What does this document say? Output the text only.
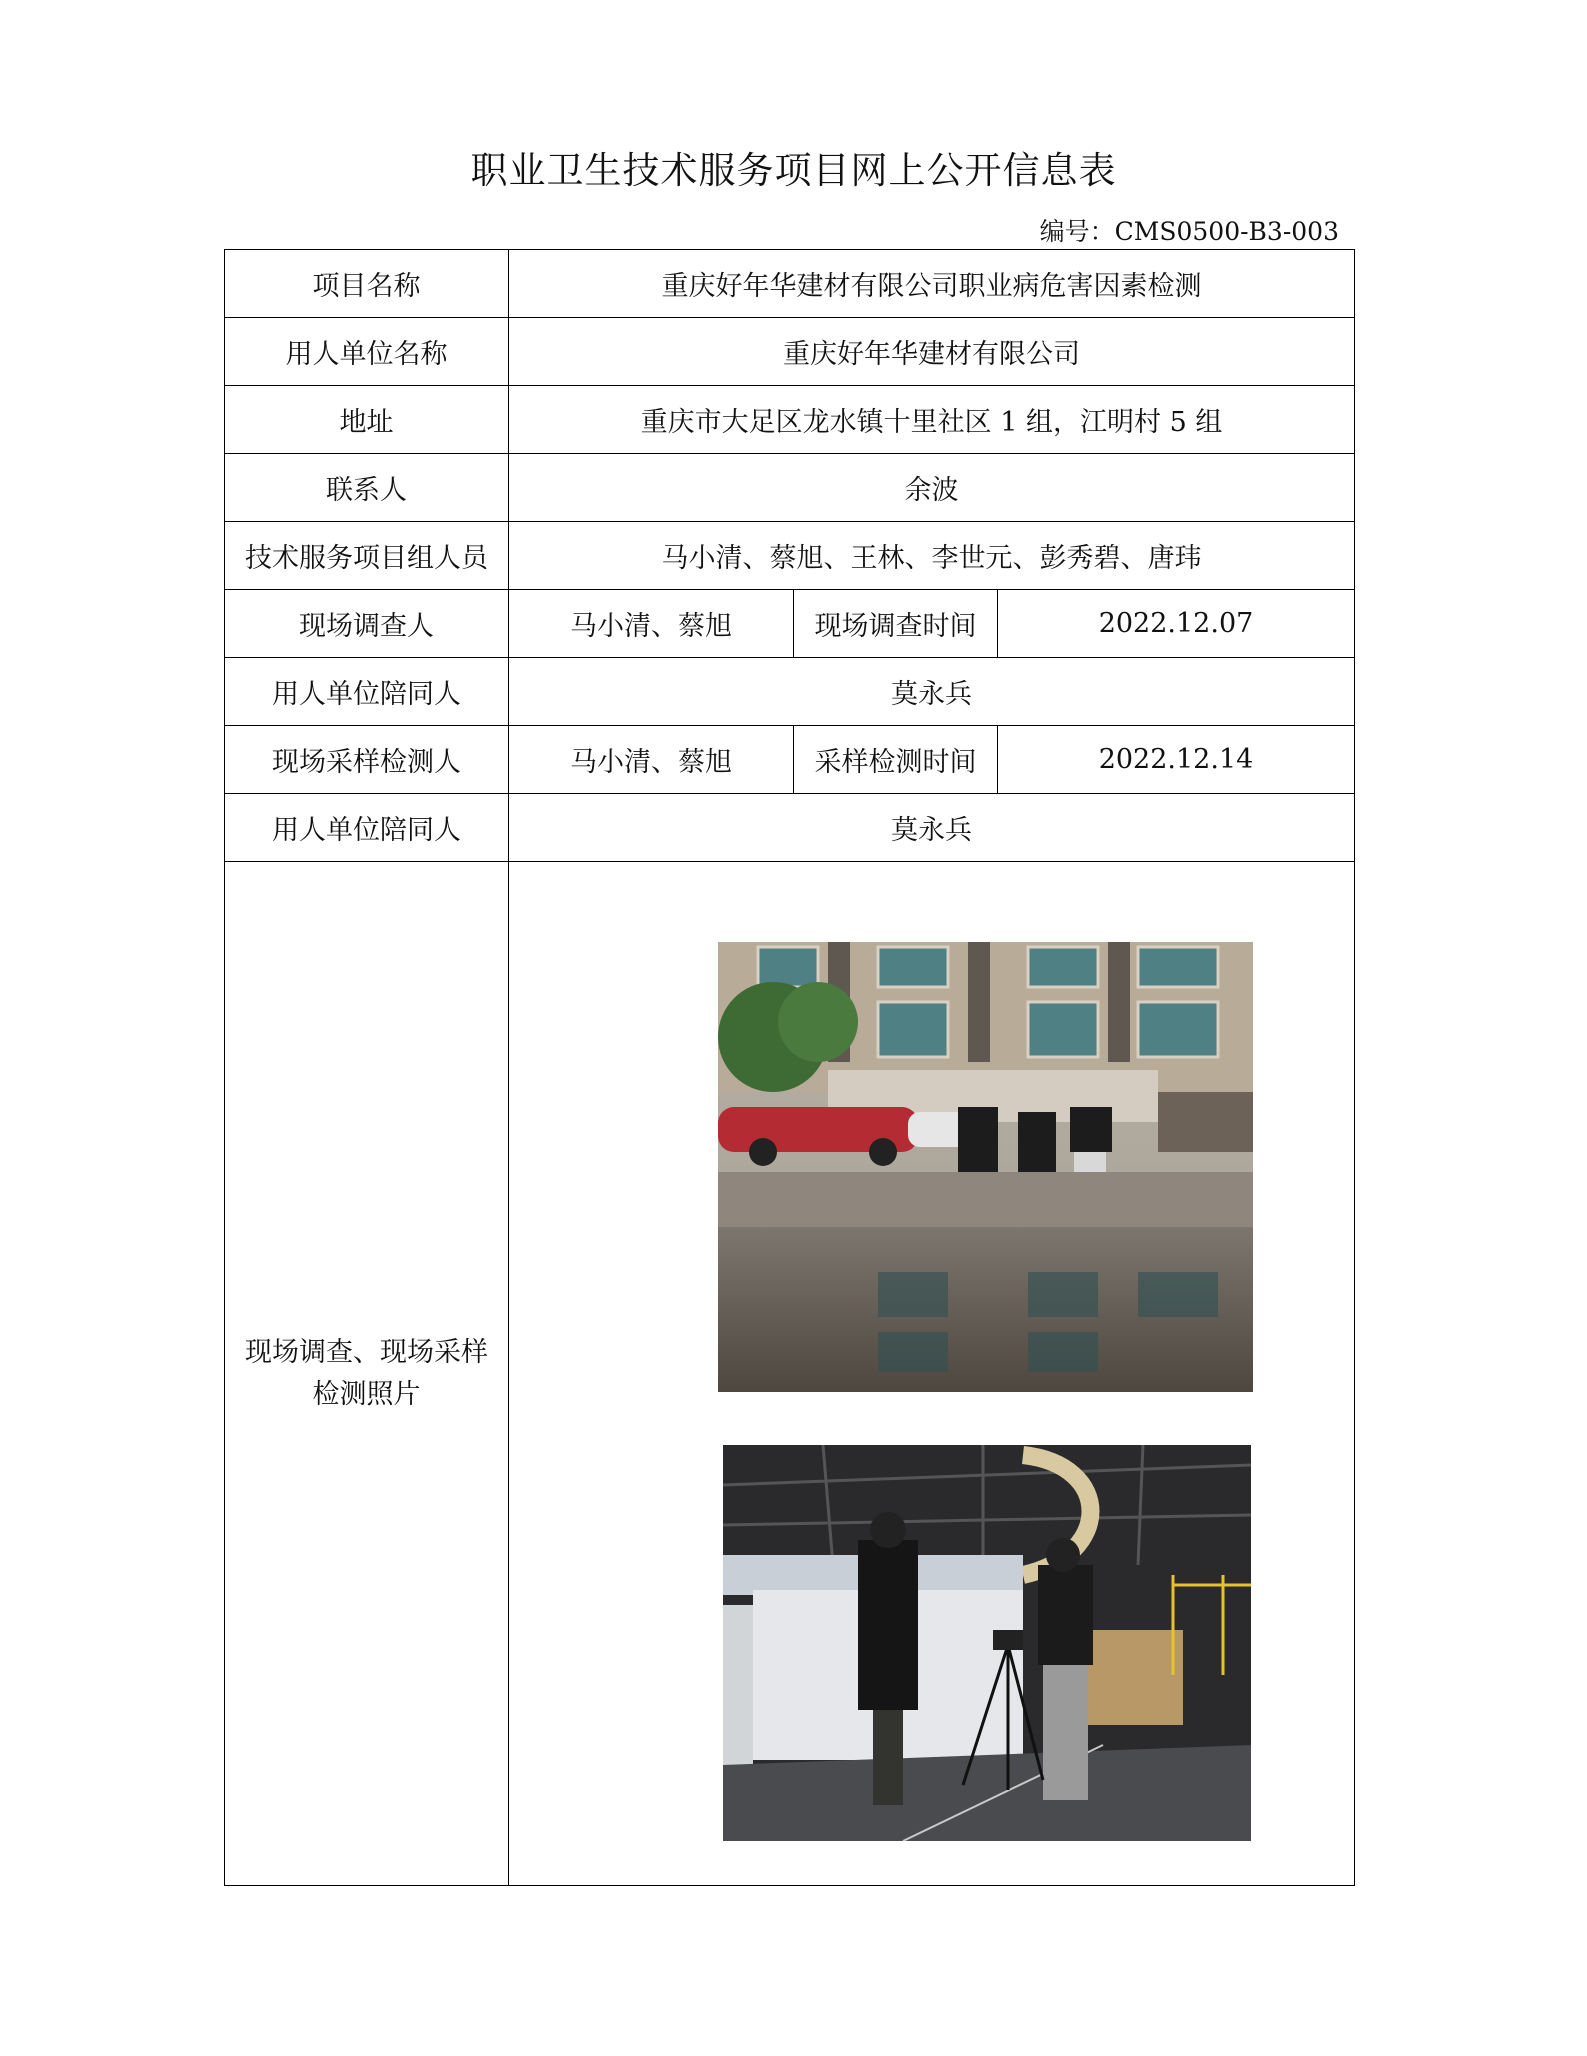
职业卫生技术服务项目网上公开信息表
编号：CMS0500-B3-003
项目名称	重庆好年华建材有限公司职业病危害因素检测		
用人单位名称	重庆好年华建材有限公司		
地址	重庆市大足区龙水镇十里社区 1 组，江明村 5 组		
联系人	余波		
技术服务项目组人员	马小清、蔡旭、王林、李世元、彭秀碧、唐玮		
现场调查人	马小清、蔡旭	现场调查时间	2022.12.07
用人单位陪同人	莫永兵		
现场采样检测人	马小清、蔡旭	采样检测时间	2022.12.14
用人单位陪同人	莫永兵		

现场调查、现场采样
检测照片
